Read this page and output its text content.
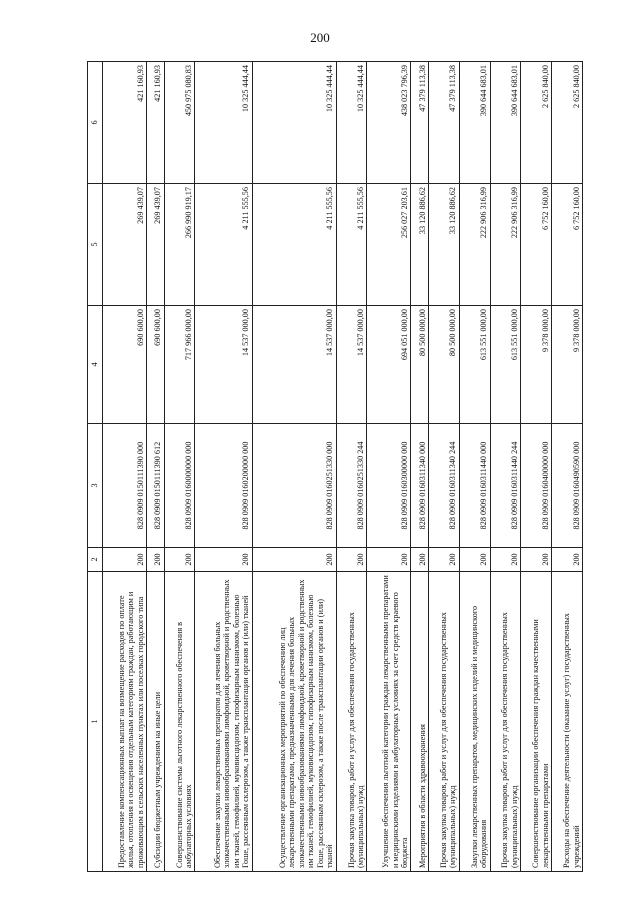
200
1	2	3	4	5	6
Предоставление компенсационных выплат на возмещение расходов по оплате жилья, отопления и освещения отдельным категориям граждан, работающим и проживающим в сельских населенных пунктах или поселках городского типа	200	828 0909 0150111390 000	690 600,00	269 439,07	421 160,93
Субсидии бюджетным учреждениям на иные цели	200	828 0909 0150111390 612	690 600,00	269 439,07	421 160,93
Совершенствование системы льготного лекарственного обеспечения в амбулаторных условиях	200	828 0909 0160000000 000	717 966 000,00	266 990 919,17	450 975 080,83
Обеспечение закупки лекарственных препаратов для лечения больных злокачественными новообразованиями лимфоидной, кроветворной и родственных им тканей, гемофилией, муковисцидозом, гипофизарным нанизмом, болезнью Гоше, рассеянным склерозом, а также трансплантации органов и (или) тканей	200	828 0909 0160200000 000	14 537 000,00	4 211 555,56	10 325 444,44
Осуществление организационных мероприятий по обеспечению лиц лекарственными препаратами, предназначенными для лечения больных злокачественными новообразованиями лимфоидной, кроветворной и родственных им тканей, гемофилией, муковисцидозом, гипофизарным нанизмом, болезнью Гоше, рассеянным склерозом, а также после трансплантации органов и (или) тканей	200	828 0909 0160251330 000	14 537 000,00	4 211 555,56	10 325 444,44
Прочая закупка товаров, работ и услуг для обеспечения государственных (муниципальных) нужд	200	828 0909 0160251330 244	14 537 000,00	4 211 555,56	10 325 444,44
Улучшение обеспечения льготной категории граждан лекарственными препаратами и медицинскими изделиями в амбулаторных условиях за счет средств краевого бюджета	200	828 0909 0160300000 000	694 051 000,00	256 027 203,61	438 023 796,39
Мероприятия в области здравоохранения	200	828 0909 0160311340 000	80 500 000,00	33 120 886,62	47 379 113,38
Прочая закупка товаров, работ и услуг для обеспечения государственных (муниципальных) нужд	200	828 0909 0160311340 244	80 500 000,00	33 120 886,62	47 379 113,38
Закупки лекарственных препаратов, медицинских изделий и медицинского оборудования	200	828 0909 0160311440 000	613 551 000,00	222 906 316,99	390 644 683,01
Прочая закупка товаров, работ и услуг для обеспечения государственных (муниципальных) нужд	200	828 0909 0160311440 244	613 551 000,00	222 906 316,99	390 644 683,01
Совершенствование организации обеспечения граждан качественными лекарственными препаратами	200	828 0909 0160400000 000	9 378 000,00	6 752 160,00	2 625 840,00
Расходы на обеспечение деятельности (оказание услуг) государственных учреждений	200	828 0909 0160490590 000	9 378 000,00	6 752 160,00	2 625 840,00
